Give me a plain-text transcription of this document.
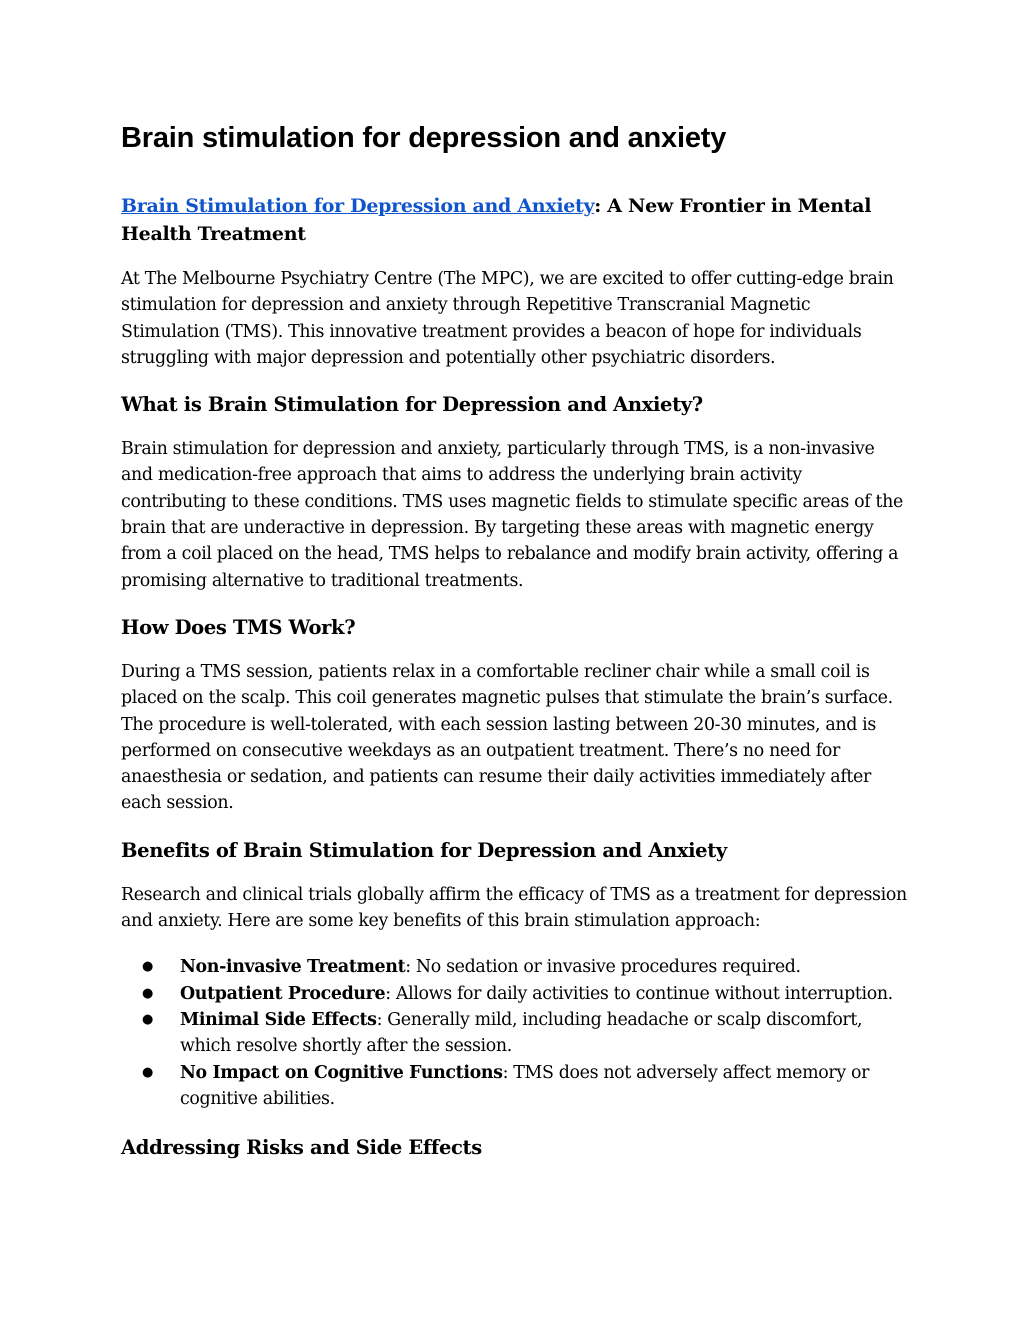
Brain stimulation for depression and anxiety
Brain Stimulation for Depression and Anxiety: A New Frontier in Mental Health Treatment

At The Melbourne Psychiatry Centre (The MPC), we are excited to offer cutting-edge brain stimulation for depression and anxiety through Repetitive Transcranial Magnetic Stimulation (TMS). This innovative treatment provides a beacon of hope for individuals struggling with major depression and potentially other psychiatric disorders.

What is Brain Stimulation for Depression and Anxiety?

Brain stimulation for depression and anxiety, particularly through TMS, is a non-invasive and medication-free approach that aims to address the underlying brain activity contributing to these conditions. TMS uses magnetic fields to stimulate specific areas of the brain that are underactive in depression. By targeting these areas with magnetic energy from a coil placed on the head, TMS helps to rebalance and modify brain activity, offering a promising alternative to traditional treatments.

How Does TMS Work?

During a TMS session, patients relax in a comfortable recliner chair while a small coil is placed on the scalp. This coil generates magnetic pulses that stimulate the brain’s surface. The procedure is well-tolerated, with each session lasting between 20-30 minutes, and is performed on consecutive weekdays as an outpatient treatment. There’s no need for anaesthesia or sedation, and patients can resume their daily activities immediately after each session.

Benefits of Brain Stimulation for Depression and Anxiety

Research and clinical trials globally affirm the efficacy of TMS as a treatment for depression and anxiety. Here are some key benefits of this brain stimulation approach:

● Non-invasive Treatment: No sedation or invasive procedures required.
● Outpatient Procedure: Allows for daily activities to continue without interruption.
● Minimal Side Effects: Generally mild, including headache or scalp discomfort, which resolve shortly after the session.
● No Impact on Cognitive Functions: TMS does not adversely affect memory or cognitive abilities.
Addressing Risks and Side Effects
